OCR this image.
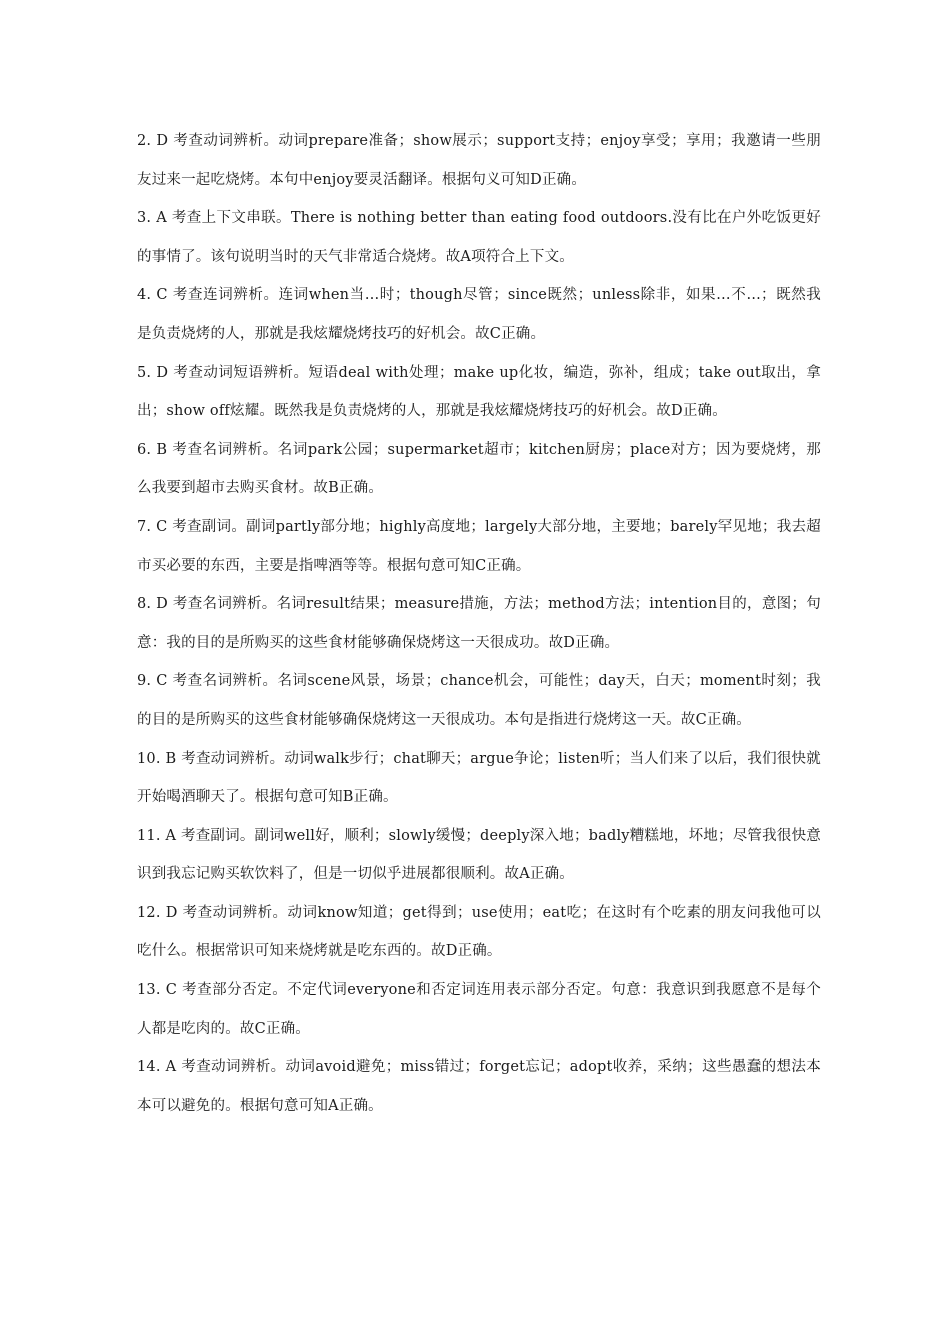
2. D 考查动词辨析。动词prepare准备；show展示；support支持；enjoy享受；享用；我邀请一些朋友过来一起吃烧烤。本句中enjoy要灵活翻译。根据句义可知D正确。

3. A 考查上下文串联。There is nothing better than eating food outdoors.没有比在户外吃饭更好的事情了。该句说明当时的天气非常适合烧烤。故A项符合上下文。

4. C 考查连词辨析。连词when当…时；though尽管；since既然；unless除非，如果…不…；既然我是负责烧烤的人，那就是我炫耀烧烤技巧的好机会。故C正确。

5. D 考查动词短语辨析。短语deal with处理；make up化妆，编造，弥补，组成；take out取出，拿出；show off炫耀。既然我是负责烧烤的人，那就是我炫耀烧烤技巧的好机会。故D正确。

6. B 考查名词辨析。名词park公园；supermarket超市；kitchen厨房；place对方；因为要烧烤，那么我要到超市去购买食材。故B正确。

7. C 考查副词。副词partly部分地；highly高度地；largely大部分地，主要地；barely罕见地；我去超市买必要的东西，主要是指啤酒等等。根据句意可知C正确。

8. D 考查名词辨析。名词result结果；measure措施，方法；method方法；intention目的，意图；句意：我的目的是所购买的这些食材能够确保烧烤这一天很成功。故D正确。

9. C 考查名词辨析。名词scene风景，场景；chance机会，可能性；day天，白天；moment时刻；我的目的是所购买的这些食材能够确保烧烤这一天很成功。本句是指进行烧烤这一天。故C正确。

10. B 考查动词辨析。动词walk步行；chat聊天；argue争论；listen听；当人们来了以后，我们很快就开始喝酒聊天了。根据句意可知B正确。

11. A 考查副词。副词well好，顺利；slowly缓慢；deeply深入地；badly糟糕地，坏地；尽管我很快意识到我忘记购买软饮料了，但是一切似乎进展都很顺利。故A正确。

12. D 考查动词辨析。动词know知道；get得到；use使用；eat吃；在这时有个吃素的朋友问我他可以吃什么。根据常识可知来烧烤就是吃东西的。故D正确。

13. C 考查部分否定。不定代词everyone和否定词连用表示部分否定。句意：我意识到我愿意不是每个人都是吃肉的。故C正确。

14. A 考查动词辨析。动词avoid避免；miss错过；forget忘记；adopt收养，采纳；这些愚蠢的想法本本可以避免的。根据句意可知A正确。
